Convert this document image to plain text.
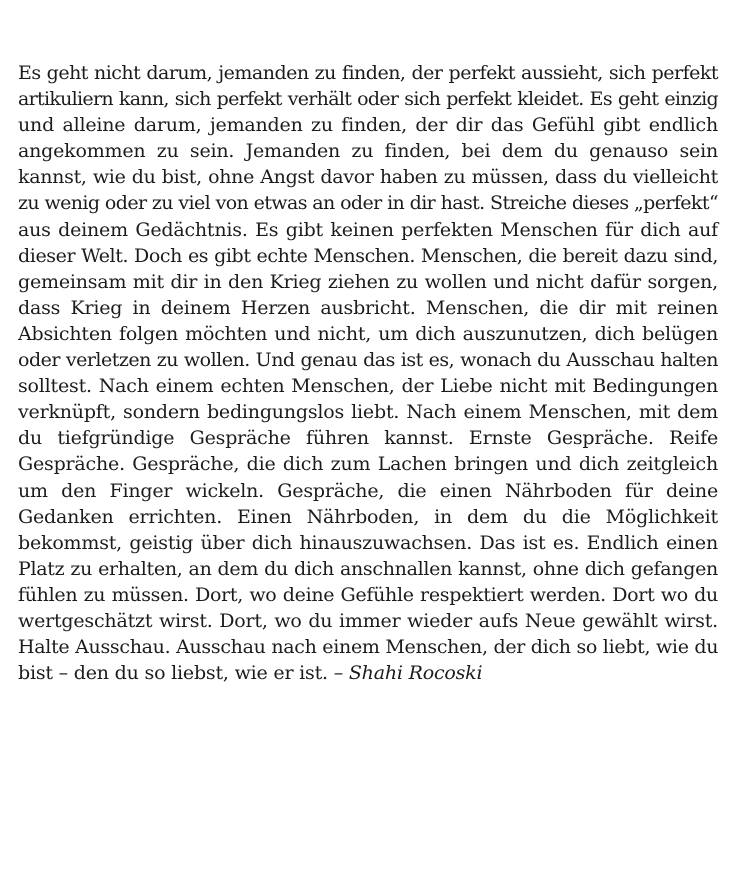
Es geht nicht darum, jemanden zu finden, der perfekt aussieht, sich perfekt
artikuliern kann, sich perfekt verhält oder sich perfekt kleidet. Es geht einzig
und alleine darum, jemanden zu finden, der dir das Gefühl gibt endlich
angekommen zu sein. Jemanden zu finden, bei dem du genauso sein
kannst, wie du bist, ohne Angst davor haben zu müssen, dass du vielleicht
zu wenig oder zu viel von etwas an oder in dir hast. Streiche dieses „perfekt“
aus deinem Gedächtnis. Es gibt keinen perfekten Menschen für dich auf
dieser Welt. Doch es gibt echte Menschen. Menschen, die bereit dazu sind,
gemeinsam mit dir in den Krieg ziehen zu wollen und nicht dafür sorgen,
dass Krieg in deinem Herzen ausbricht. Menschen, die dir mit reinen
Absichten folgen möchten und nicht, um dich auszunutzen, dich belügen
oder verletzen zu wollen. Und genau das ist es, wonach du Ausschau halten
solltest. Nach einem echten Menschen, der Liebe nicht mit Bedingungen
verknüpft, sondern bedingungslos liebt. Nach einem Menschen, mit dem
du tiefgründige Gespräche führen kannst. Ernste Gespräche. Reife
Gespräche. Gespräche, die dich zum Lachen bringen und dich zeitgleich
um den Finger wickeln. Gespräche, die einen Nährboden für deine
Gedanken errichten. Einen Nährboden, in dem du die Möglichkeit
bekommst, geistig über dich hinauszuwachsen. Das ist es. Endlich einen
Platz zu erhalten, an dem du dich anschnallen kannst, ohne dich gefangen
fühlen zu müssen. Dort, wo deine Gefühle respektiert werden. Dort wo du
wertgeschätzt wirst. Dort, wo du immer wieder aufs Neue gewählt wirst.
Halte Ausschau. Ausschau nach einem Menschen, der dich so liebt, wie du
bist – den du so liebst, wie er ist. – Shahi Rocoski
